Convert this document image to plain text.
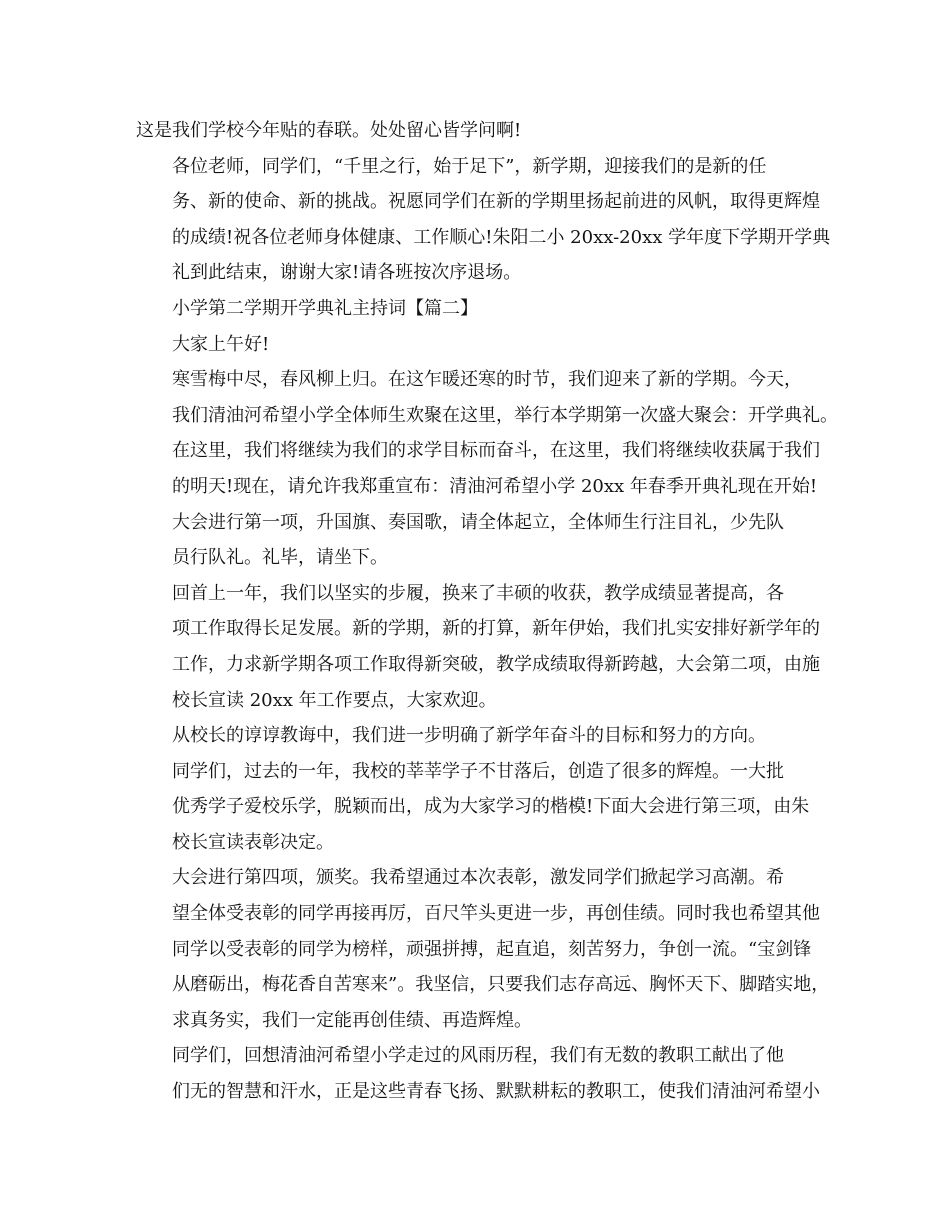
这是我们学校今年贴的春联。处处留心皆学问啊!
各位老师，同学们，“千里之行，始于足下”，新学期，迎接我们的是新的任
务、新的使命、新的挑战。祝愿同学们在新的学期里扬起前进的风帆，取得更辉煌
的成绩!祝各位老师身体健康、工作顺心!朱阳二小 20xx-20xx 学年度下学期开学典
礼到此结束，谢谢大家!请各班按次序退场。
小学第二学期开学典礼主持词【篇二】
大家上午好!
寒雪梅中尽，春风柳上归。在这乍暖还寒的时节，我们迎来了新的学期。今天，
我们清油河希望小学全体师生欢聚在这里，举行本学期第一次盛大聚会：开学典礼。
在这里，我们将继续为我们的求学目标而奋斗，在这里，我们将继续收获属于我们
的明天!现在，请允许我郑重宣布：清油河希望小学 20xx 年春季开典礼现在开始!
大会进行第一项，升国旗、奏国歌，请全体起立，全体师生行注目礼，少先队
员行队礼。礼毕，请坐下。
回首上一年，我们以坚实的步履，换来了丰硕的收获，教学成绩显著提高，各
项工作取得长足发展。新的学期，新的打算，新年伊始，我们扎实安排好新学年的
工作，力求新学期各项工作取得新突破，教学成绩取得新跨越，大会第二项，由施
校长宣读 20xx 年工作要点，大家欢迎。
从校长的谆谆教诲中，我们进一步明确了新学年奋斗的目标和努力的方向。
同学们，过去的一年，我校的莘莘学子不甘落后，创造了很多的辉煌。一大批
优秀学子爱校乐学，脱颖而出，成为大家学习的楷模!下面大会进行第三项，由朱
校长宣读表彰决定。
大会进行第四项，颁奖。我希望通过本次表彰，激发同学们掀起学习高潮。希
望全体受表彰的同学再接再厉，百尺竿头更进一步，再创佳绩。同时我也希望其他
同学以受表彰的同学为榜样，顽强拼搏，起直追，刻苦努力，争创一流。“宝剑锋
从磨砺出，梅花香自苦寒来”。我坚信，只要我们志存高远、胸怀天下、脚踏实地，
求真务实，我们一定能再创佳绩、再造辉煌。
同学们，回想清油河希望小学走过的风雨历程，我们有无数的教职工献出了他
们无的智慧和汗水，正是这些青春飞扬、默默耕耘的教职工，使我们清油河希望小
